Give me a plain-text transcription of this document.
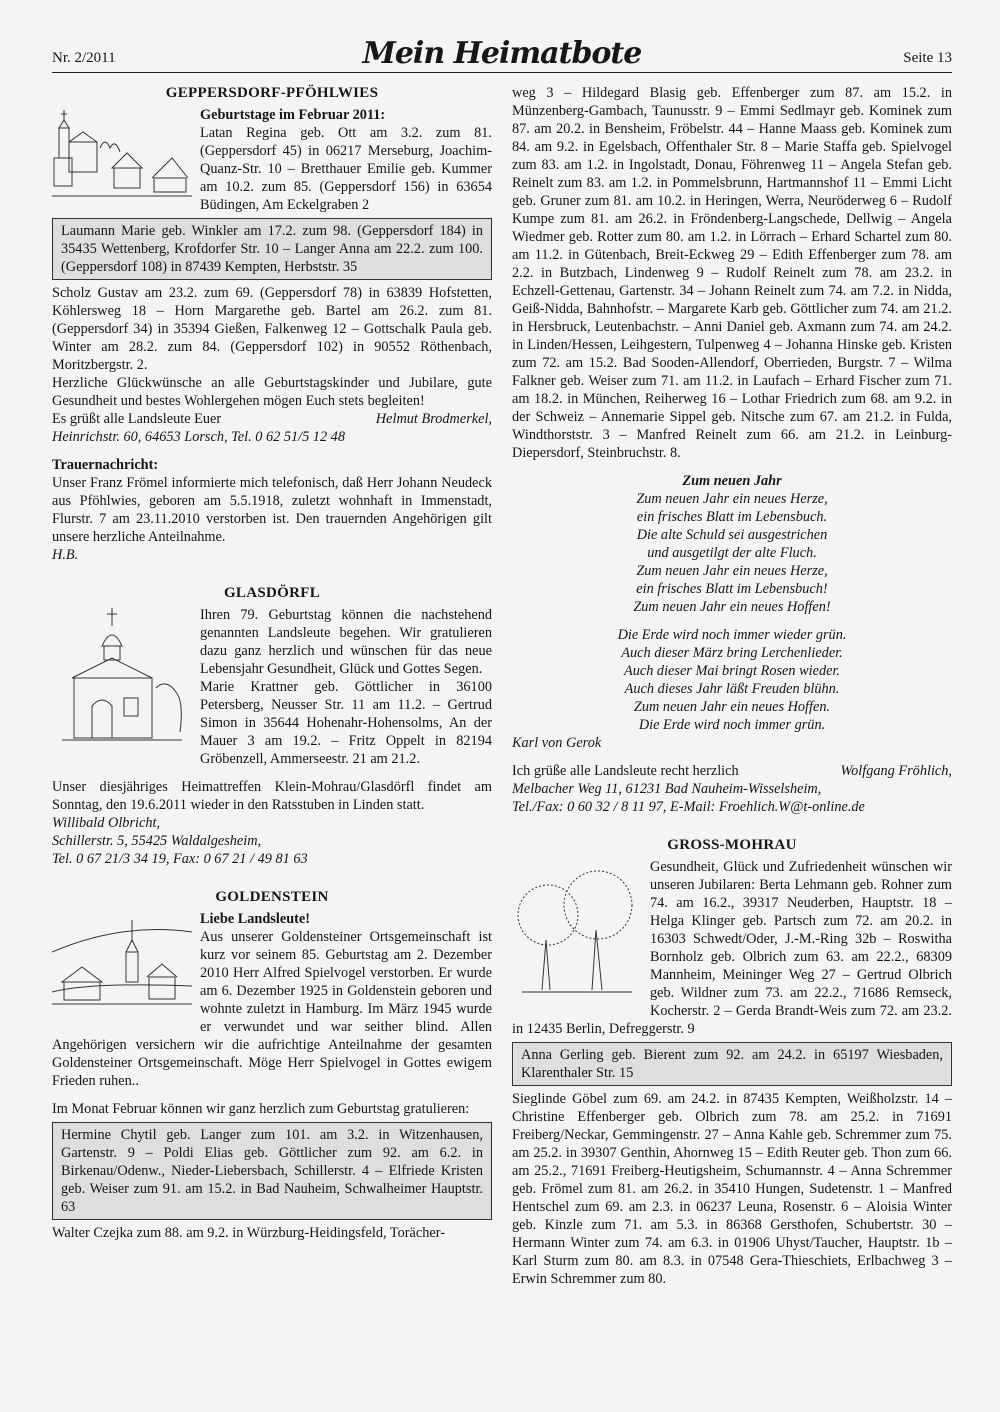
Nr. 2/2011	Mein Heimatbote	Seite 13
GEPPERSDORF-PFÖHLWIES

Geburtstage im Februar 2011:

Latan Regina geb. Ott am 3.2. zum 81. (Geppersdorf 45) in 06217 Merseburg, Joachim-Quanz-Str. 10 – Bretthauer Emilie geb. Kummer am 10.2. zum 85. (Geppersdorf 156) in 63654 Büdingen, Am Eckelgraben 2

Laumann Marie geb. Winkler am 17.2. zum 98. (Geppersdorf 184) in 35435 Wettenberg, Krofdorfer Str. 10 – Langer Anna am 22.2. zum 100. (Geppersdorf 108) in 87439 Kempten, Herbststr. 35

Scholz Gustav am 23.2. zum 69. (Geppersdorf 78) in 63839 Hofstetten, Köhlersweg 18 – Horn Margarethe geb. Bartel am 26.2. zum 81. (Geppersdorf 34) in 35394 Gießen, Falkenweg 12 – Gottschalk Paula geb. Winter am 28.2. zum 84. (Geppersdorf 102) in 90552 Röthenbach, Moritzbergstr. 2.

Herzliche Glückwünsche an alle Geburtstagskinder und Jubilare, gute Gesundheit und bestes Wohlergehen mögen Euch stets begleiten!

Es grüßt alle Landsleute Euer	Helmut Brodmerkel,

Heinrichstr. 60, 64653 Lorsch, Tel. 0 62 51/5 12 48

Trauernachricht:

Unser Franz Frömel informierte mich telefonisch, daß Herr Johann Neudeck aus Pföhlwies, geboren am 5.5.1918, zuletzt wohnhaft in Immenstadt, Flurstr. 7 am 23.11.2010 verstorben ist. Den trauernden Angehörigen gilt unsere herzliche Anteilnahme.

H.B.

GLASDÖRFL

Ihren 79. Geburtstag können die nachstehend genannten Landsleute begehen. Wir gratulieren dazu ganz herzlich und wünschen für das neue Lebensjahr Gesundheit, Glück und Gottes Segen.

Marie Krattner geb. Göttlicher in 36100 Petersberg, Neusser Str. 11 am 11.2. – Gertrud Simon in 35644 Hohenahr-Hohensolms, An der Mauer 3 am 19.2. – Fritz Oppelt in 82194 Gröbenzell, Ammerseestr. 21 am 21.2.

Unser diesjähriges Heimattreffen Klein-Mohrau/Glasdörfl findet am Sonntag, den 19.6.2011 wieder in den Ratsstuben in Linden statt.

Willibald Olbricht,

Schillerstr. 5, 55425 Waldalgesheim,

Tel. 0 67 21/3 34 19, Fax: 0 67 21 / 49 81 63

GOLDENSTEIN

Liebe Landsleute!

Aus unserer Goldensteiner Ortsgemeinschaft ist kurz vor seinem 85. Geburtstag am 2. Dezember 2010 Herr Alfred Spielvogel verstorben. Er wurde am 6. Dezember 1925 in Goldenstein geboren und wohnte zuletzt in Hamburg. Im März 1945 wurde er verwundet und war seither blind. Allen Angehörigen versichern wir die aufrichtige Anteilnahme der gesamten Goldensteiner Ortsgemeinschaft. Möge Herr Spielvogel in Gottes ewigem Frieden ruhen..

Im Monat Februar können wir ganz herzlich zum Geburtstag gratulieren:

Hermine Chytil geb. Langer zum 101. am 3.2. in Witzenhausen, Gartenstr. 9 – Poldi Elias geb. Göttlicher zum 92. am 6.2. in Birkenau/Odenw., Nieder-Liebersbach, Schillerstr. 4 – Elfriede Kristen geb. Weiser zum 91. am 15.2. in Bad Nauheim, Schwalheimer Hauptstr. 63

Walter Czejka zum 88. am 9.2. in Würzburg-Heidingsfeld, Torächer-

weg 3 – Hildegard Blasig geb. Effenberger zum 87. am 15.2. in Münzenberg-Gambach, Taunusstr. 9 – Emmi Sedlmayr geb. Kominek zum 87. am 20.2. in Bensheim, Fröbelstr. 44 – Hanne Maass geb. Kominek zum 84. am 9.2. in Egelsbach, Offenthaler Str. 8 – Marie Staffa geb. Spielvogel zum 83. am 1.2. in Ingolstadt, Donau, Föhrenweg 11 – Angela Stefan geb. Reinelt zum 83. am 1.2. in Pommelsbrunn, Hartmannshof 11 – Emmi Licht geb. Gruner zum 81. am 10.2. in Heringen, Werra, Neuröderweg 6 – Rudolf Kumpe zum 81. am 26.2. in Fröndenberg-Langschede, Dellwig – Angela Wiedmer geb. Rotter zum 80. am 1.2. in Lörrach – Erhard Schartel zum 80. am 11.2. in Gütenbach, Breit-Eckweg 29 – Edith Effenberger zum 78. am 2.2. in Butzbach, Lindenweg 9 – Rudolf Reinelt zum 78. am 23.2. in Echzell-Gettenau, Gartenstr. 34 – Johann Reinelt zum 74. am 7.2. in Nidda, Geiß-Nidda, Bahnhofstr. – Margarete Karb geb. Göttlicher zum 74. am 21.2. in Hersbruck, Leutenbachstr. – Anni Daniel geb. Axmann zum 74. am 24.2. in Linden/Hessen, Leihgestern, Tulpenweg 4 – Johanna Hinske geb. Kristen zum 72. am 15.2. Bad Sooden-Allendorf, Oberrieden, Burgstr. 7 – Wilma Falkner geb. Weiser zum 71. am 11.2. in Laufach – Erhard Fischer zum 71. am 18.2. in München, Reiherweg 16 – Lothar Friedrich zum 68. am 9.2. in der Schweiz – Annemarie Sippel geb. Nitsche zum 67. am 21.2. in Fulda, Windthorststr. 3 – Manfred Reinelt zum 66. am 21.2. in Leinburg-Diepersdorf, Steinbruchstr. 8.

Zum neuen Jahr
Zum neuen Jahr ein neues Herze,
ein frisches Blatt im Lebensbuch.
Die alte Schuld sei ausgestrichen
und ausgetilgt der alte Fluch.
Zum neuen Jahr ein neues Herze,
ein frisches Blatt im Lebensbuch!
Zum neuen Jahr ein neues Hoffen!
Die Erde wird noch immer wieder grün.
Auch dieser März bring Lerchenlieder.
Auch dieser Mai bringt Rosen wieder.
Auch dieses Jahr läßt Freuden blühn.
Zum neuen Jahr ein neues Hoffen.
Die Erde wird noch immer grün.

Karl von Gerok

Ich grüße alle Landsleute recht herzlich	Wolfgang Fröhlich,

Melbacher Weg 11, 61231 Bad Nauheim-Wisselsheim,

Tel./Fax: 0 60 32 / 8 11 97, E-Mail: Froehlich.W@t-online.de

GROSS-MOHRAU

Gesundheit, Glück und Zufriedenheit wünschen wir unseren Jubilaren: Berta Lehmann geb. Rohner zum 74. am 16.2., 39317 Neuderben, Hauptstr. 18 – Helga Klinger geb. Partsch zum 72. am 20.2. in 16303 Schwedt/Oder, J.-M.-Ring 32b – Roswitha Bornholz geb. Olbrich zum 63. am 22.2., 68309 Mannheim, Meininger Weg 27 – Gertrud Olbrich geb. Wildner zum 73. am 22.2., 71686 Remseck, Kocherstr. 2 – Gerda Brandt-Weis zum 72. am 23.2. in 12435 Berlin, Defreggerstr. 9

Anna Gerling geb. Bierent zum 92. am 24.2. in 65197 Wiesbaden, Klarenthaler Str. 15

Sieglinde Göbel zum 69. am 24.2. in 87435 Kempten, Weißholzstr. 14 – Christine Effenberger geb. Olbrich zum 78. am 25.2. in 71691 Freiberg/Neckar, Gemmingenstr. 27 – Anna Kahle geb. Schremmer zum 75. am 25.2. in 39307 Genthin, Ahornweg 15 – Edith Reuter geb. Thon zum 66. am 25.2., 71691 Freiberg-Heutigsheim, Schumannstr. 4 – Anna Schremmer geb. Frömel zum 81. am 26.2. in 35410 Hungen, Sudetenstr. 1 – Manfred Hentschel zum 69. am 2.3. in 06237 Leuna, Rosenstr. 6 – Aloisia Winter geb. Kinzle zum 71. am 5.3. in 86368 Gersthofen, Schubertstr. 30 – Hermann Winter zum 74. am 6.3. in 01906 Uhyst/Taucher, Hauptstr. 1b – Karl Sturm zum 80. am 8.3. in 07548 Gera-Thieschiets, Erlbachweg 3 – Erwin Schremmer zum 80.
